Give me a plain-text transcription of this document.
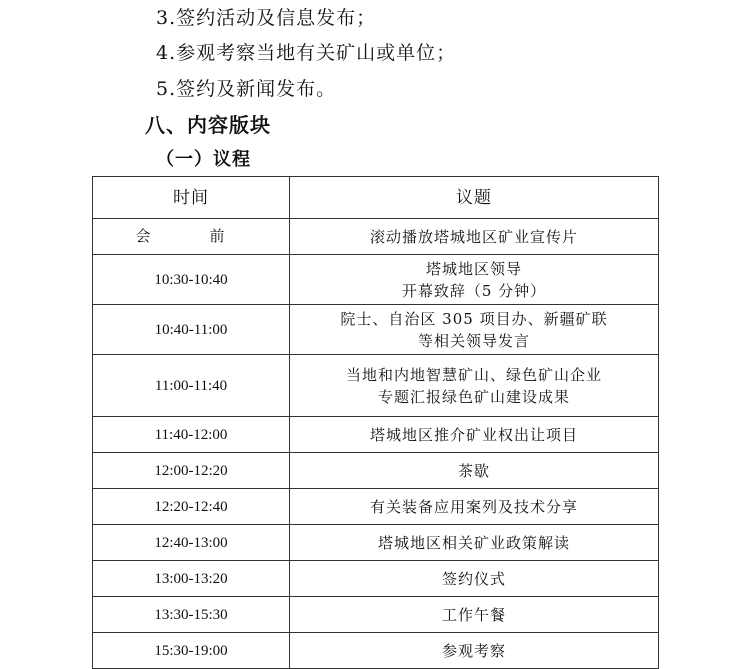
3.签约活动及信息发布；
4.参观考察当地有关矿山或单位；
5.签约及新闻发布。
八、内容版块
（一）议程
时间	议题
会　前	滚动播放塔城地区矿业宣传片

10:30-10:40	塔城地区领导
开幕致辞（5 分钟）

10:40-11:00	院士、自治区 305 项目办、新疆矿联
等相关领导发言

11:00-11:40	当地和内地智慧矿山、绿色矿山企业
专题汇报绿色矿山建设成果

11:40-12:00	塔城地区推介矿业权出让项目

12:00-12:20	茶歇

12:20-12:40	有关装备应用案列及技术分享

12:40-13:00	塔城地区相关矿业政策解读

13:00-13:20	签约仪式

13:30-15:30	工作午餐

15:30-19:00	参观考察
